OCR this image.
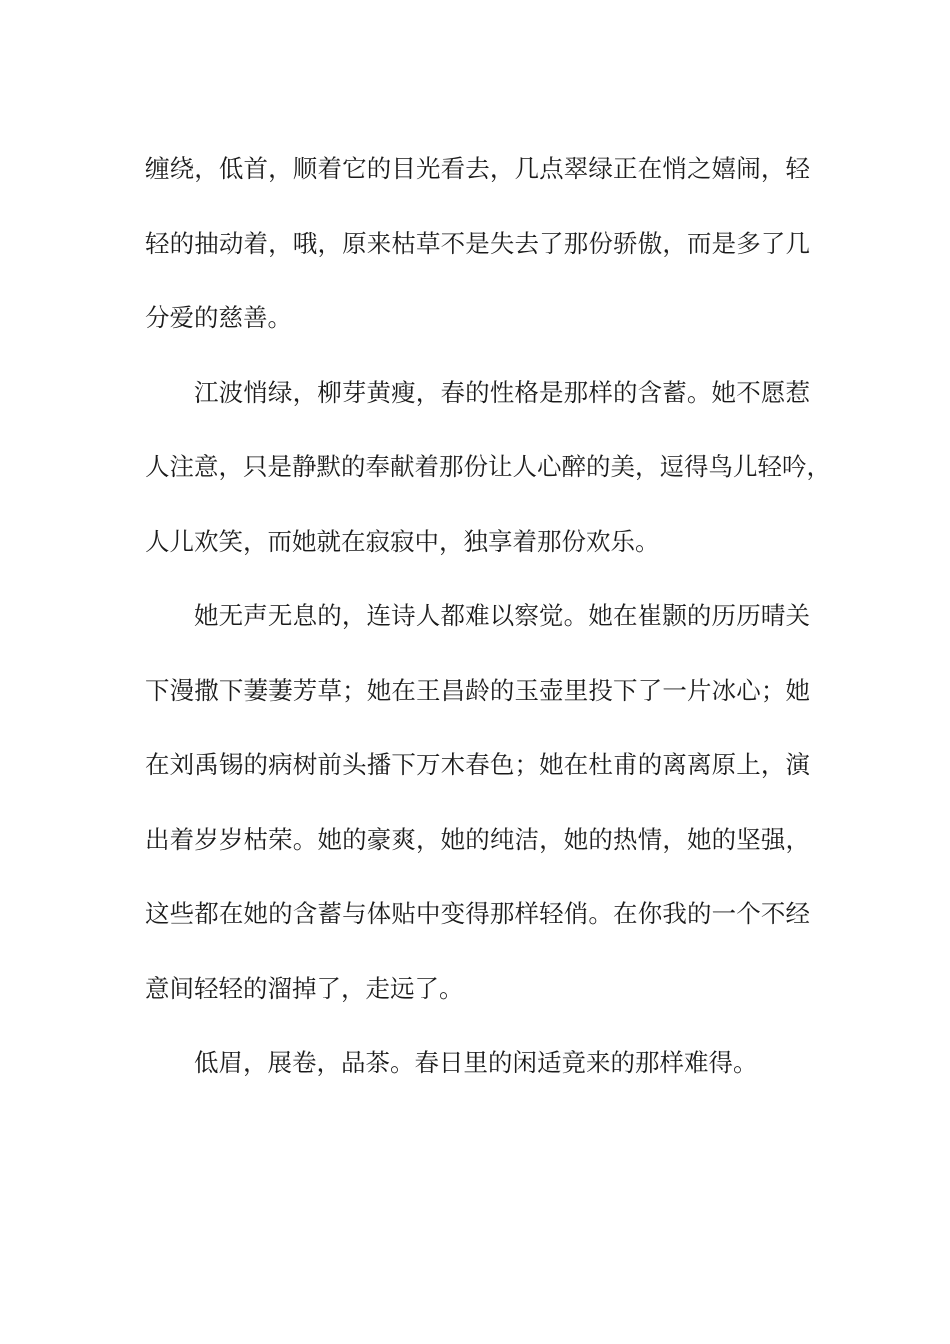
缠绕，低首，顺着它的目光看去，几点翠绿正在悄之嬉闹，轻
轻的抽动着，哦，原来枯草不是失去了那份骄傲，而是多了几
分爱的慈善。
江波悄绿，柳芽黄瘦，春的性格是那样的含蓄。她不愿惹
人注意，只是静默的奉献着那份让人心醉的美，逗得鸟儿轻吟，
人儿欢笑，而她就在寂寂中，独享着那份欢乐。
她无声无息的，连诗人都难以察觉。她在崔颢的历历晴关
下漫撒下萋萋芳草；她在王昌龄的玉壶里投下了一片冰心；她
在刘禹锡的病树前头播下万木春色；她在杜甫的离离原上，演
出着岁岁枯荣。她的豪爽，她的纯洁，她的热情，她的坚强，
这些都在她的含蓄与体贴中变得那样轻俏。在你我的一个不经
意间轻轻的溜掉了，走远了。
低眉，展卷，品茶。春日里的闲适竟来的那样难得。
